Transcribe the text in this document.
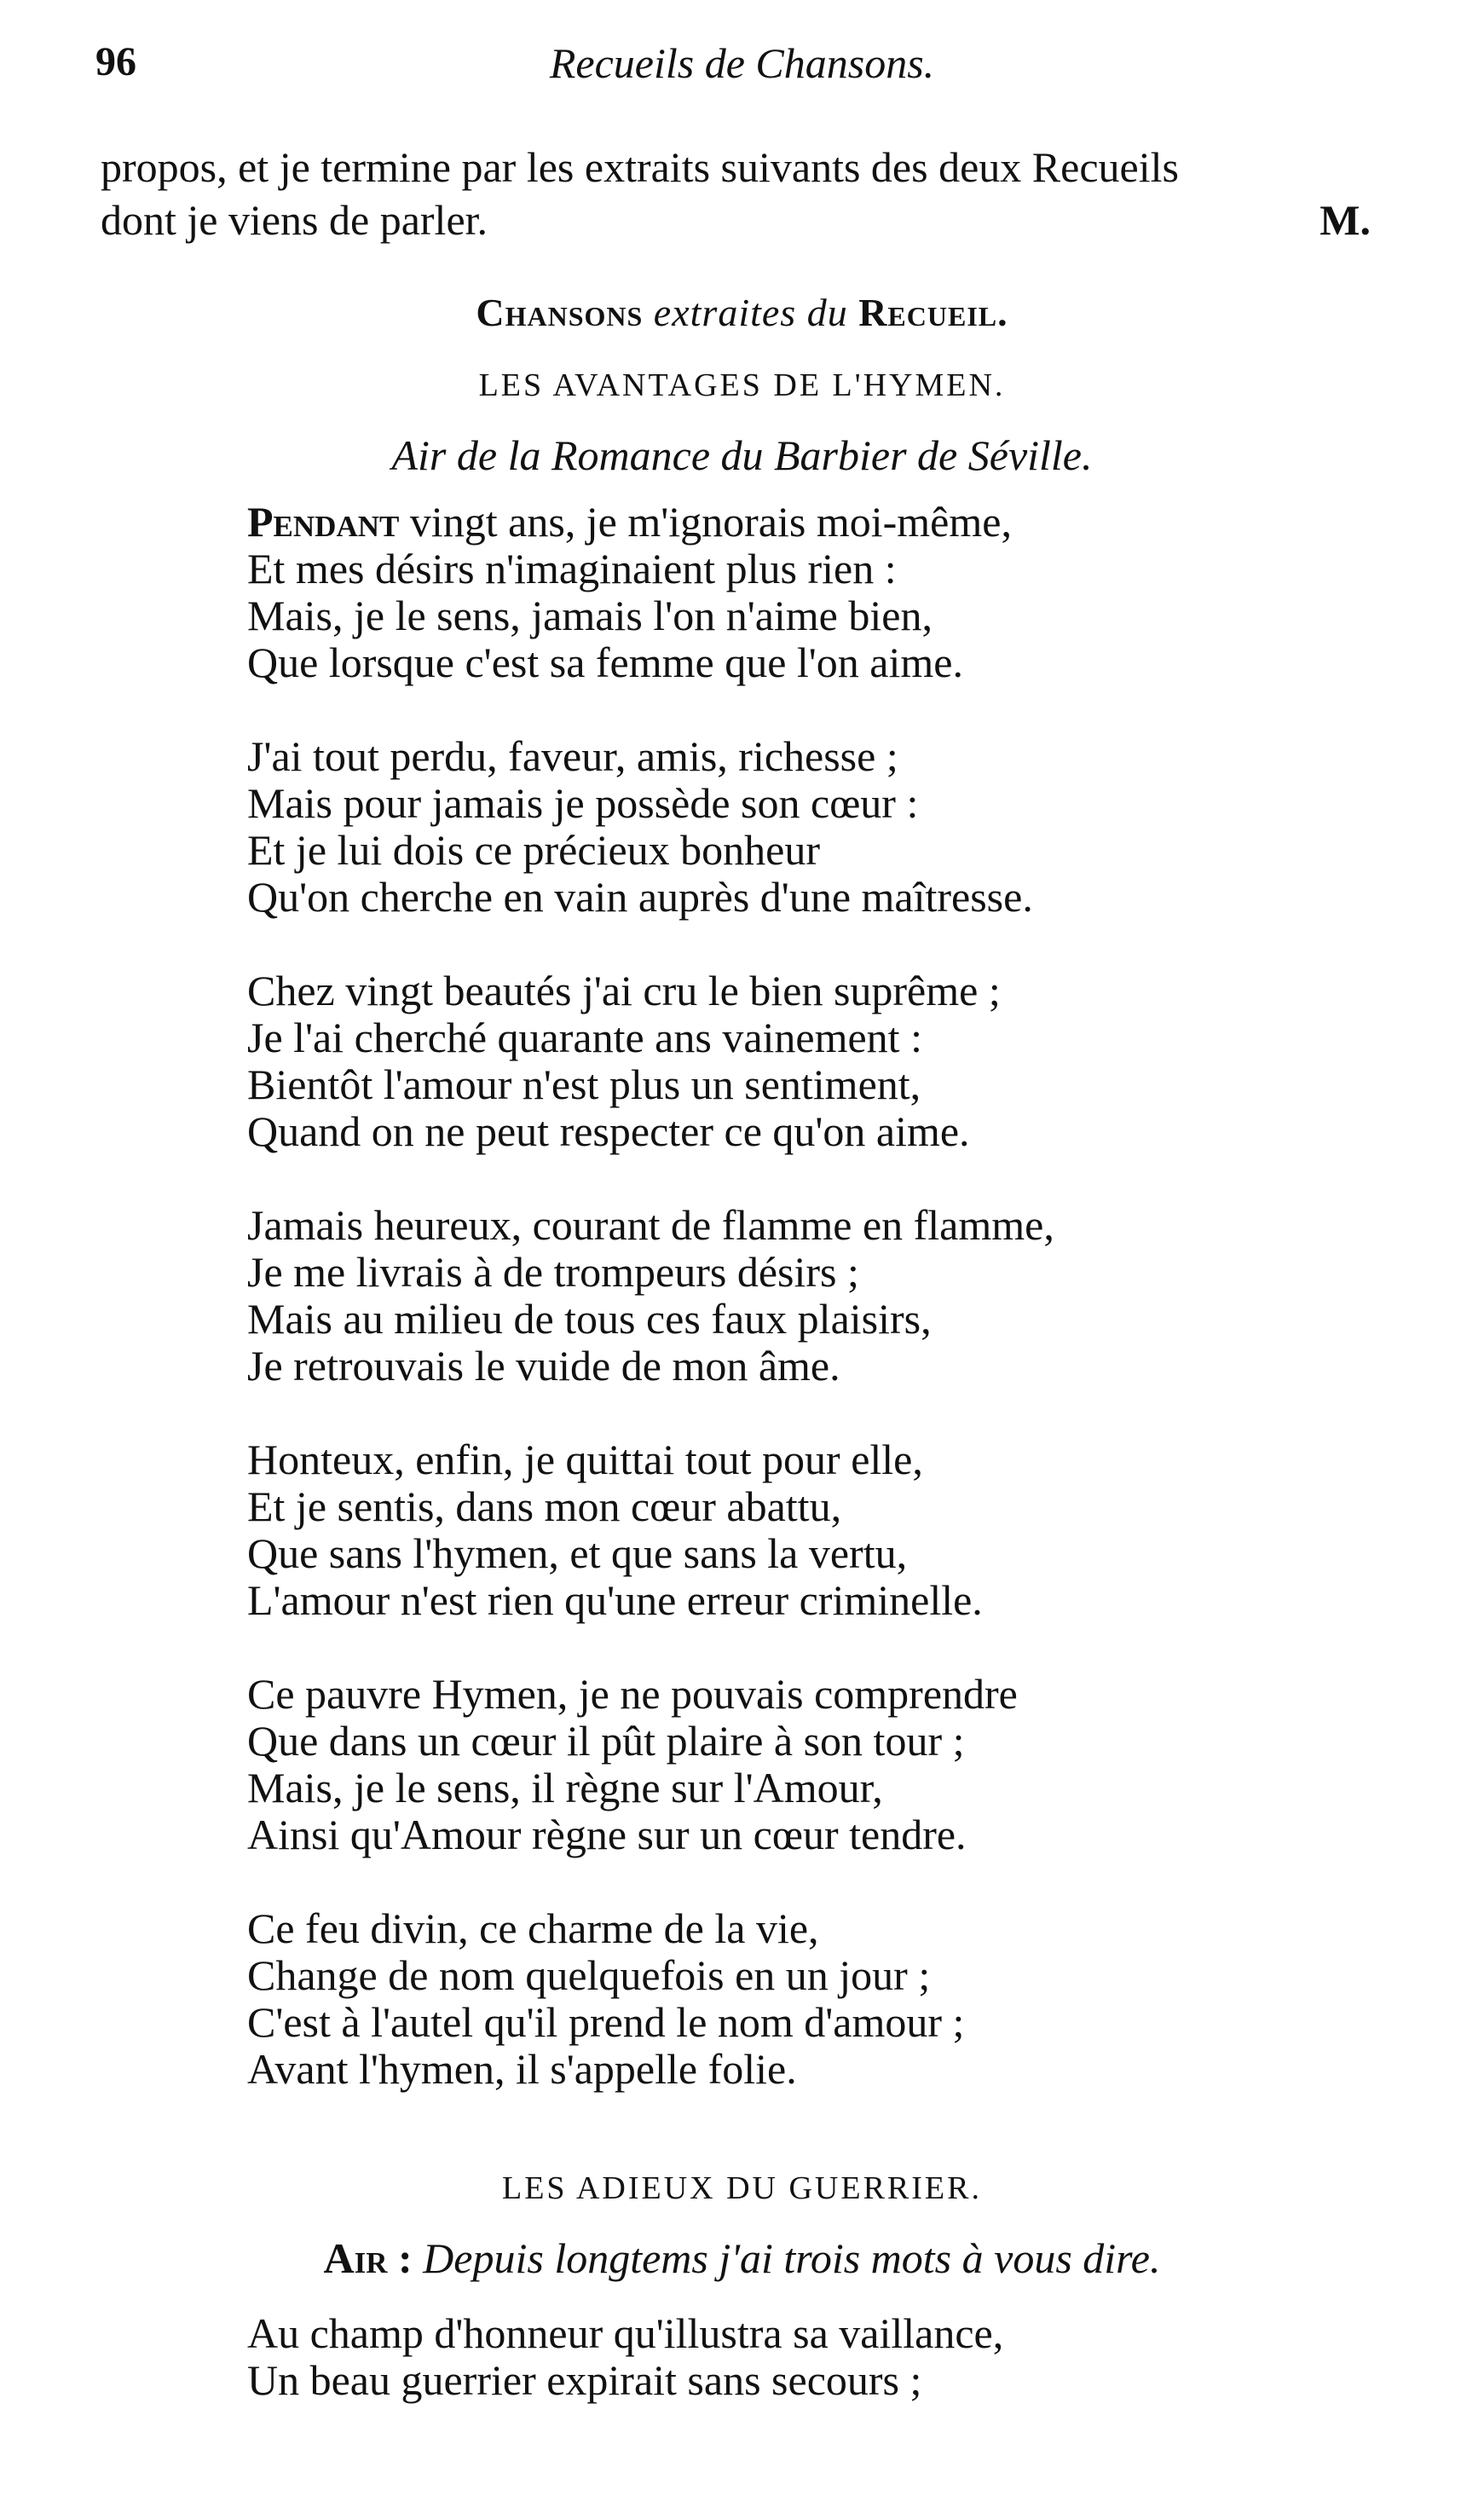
96	Recueils de Chansons.
propos, et je termine par les extraits suivants des deux Recueils
dont je viens de parler.	M.
Chansons extraites du Recueil.
LES AVANTAGES DE L'HYMEN.
Air de la Romance du Barbier de Séville.
Pendant vingt ans, je m'ignorais moi-même,
Et mes désirs n'imaginaient plus rien :
Mais, je le sens, jamais l'on n'aime bien,
Que lorsque c'est sa femme que l'on aime.
J'ai tout perdu, faveur, amis, richesse ;
Mais pour jamais je possède son cœur :
Et je lui dois ce précieux bonheur
Qu'on cherche en vain auprès d'une maîtresse.
Chez vingt beautés j'ai cru le bien suprême ;
Je l'ai cherché quarante ans vainement :
Bientôt l'amour n'est plus un sentiment,
Quand on ne peut respecter ce qu'on aime.
Jamais heureux, courant de flamme en flamme,
Je me livrais à de trompeurs désirs ;
Mais au milieu de tous ces faux plaisirs,
Je retrouvais le vuide de mon âme.
Honteux, enfin, je quittai tout pour elle,
Et je sentis, dans mon cœur abattu,
Que sans l'hymen, et que sans la vertu,
L'amour n'est rien qu'une erreur criminelle.
Ce pauvre Hymen, je ne pouvais comprendre
Que dans un cœur il pût plaire à son tour ;
Mais, je le sens, il règne sur l'Amour,
Ainsi qu'Amour règne sur un cœur tendre.
Ce feu divin, ce charme de la vie,
Change de nom quelquefois en un jour ;
C'est à l'autel qu'il prend le nom d'amour ;
Avant l'hymen, il s'appelle folie.
LES ADIEUX DU GUERRIER.
Air : Depuis longtems j'ai trois mots à vous dire.
Au champ d'honneur qu'illustra sa vaillance,
Un beau guerrier expirait sans secours ;
